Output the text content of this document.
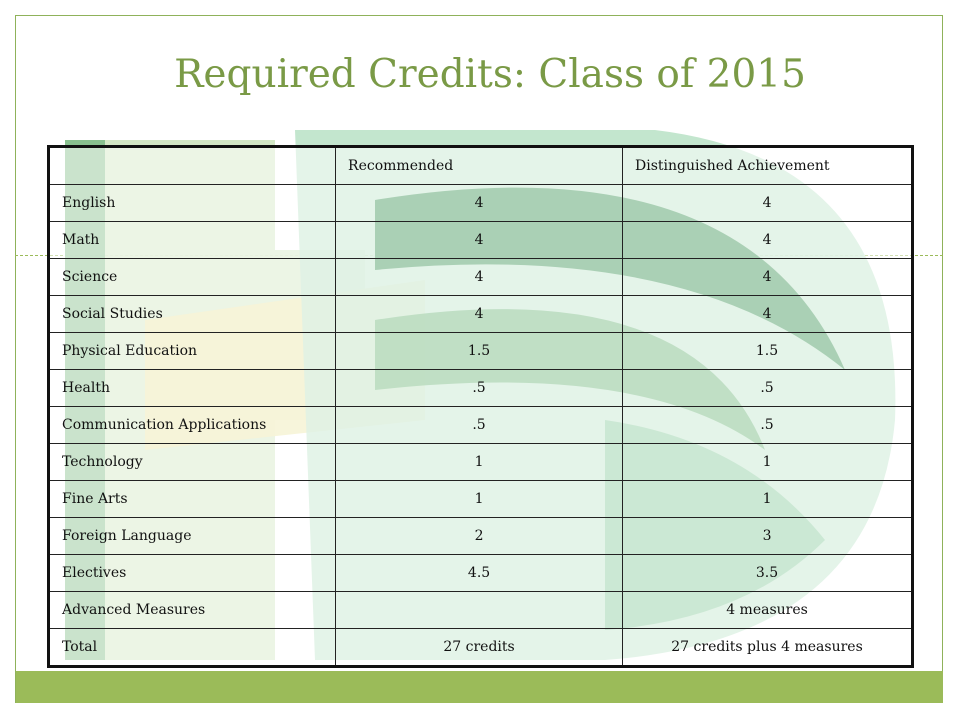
Required Credits: Class of 2015
	Recommended	Distinguished Achievement
English	4	4
Math	4	4
Science	4	4
Social Studies	4	4
Physical Education	1.5	1.5
Health	.5	.5
Communication Applications	.5	.5
Technology	1	1
Fine Arts	1	1
Foreign Language	2	3
Electives	4.5	3.5
Advanced Measures		4 measures
Total	27 credits	27 credits plus 4 measures
